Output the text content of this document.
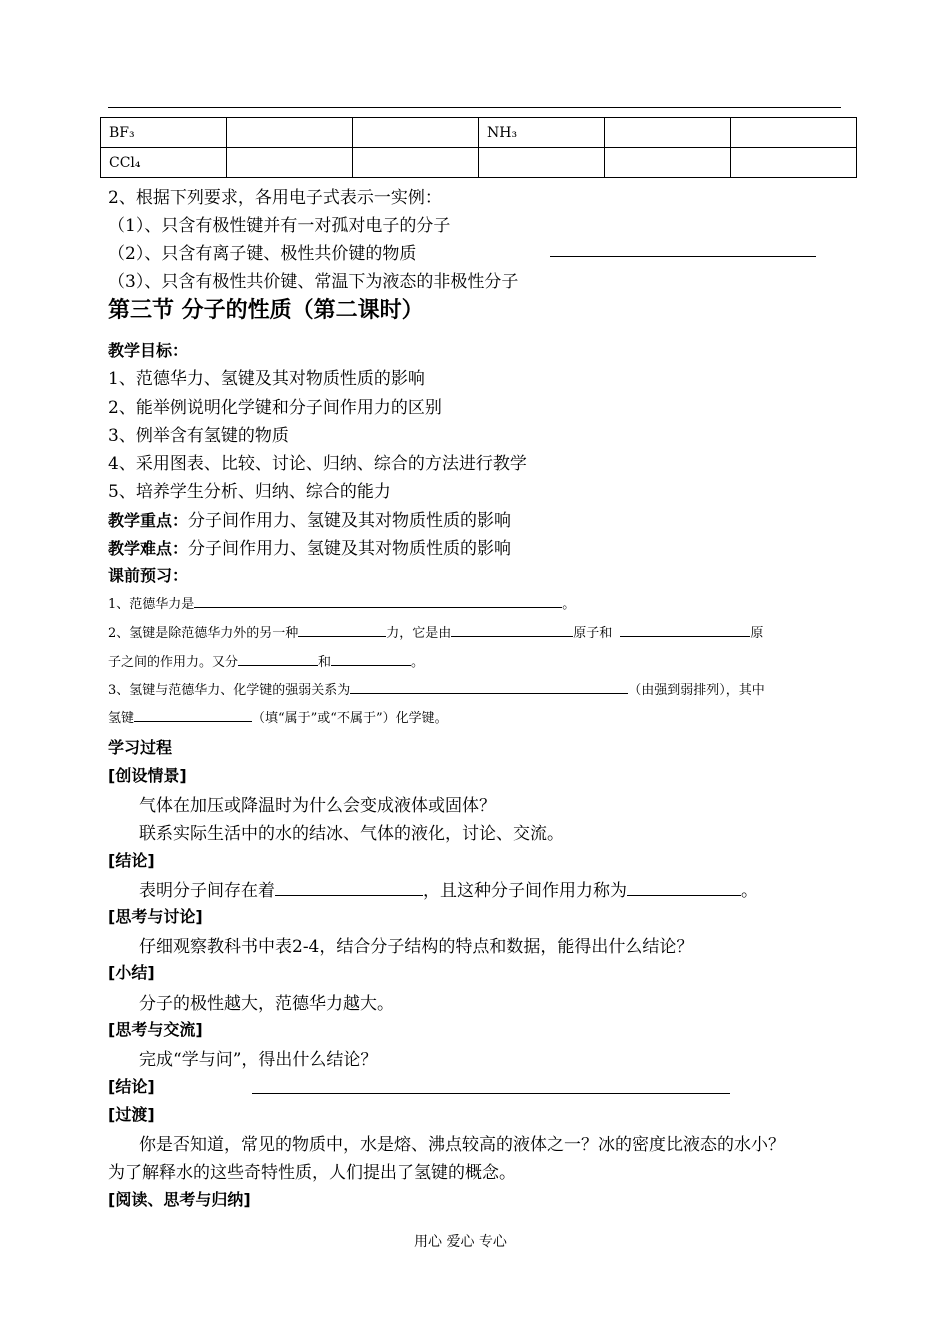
BF₃			NH₃		
CCl₄					
2、根据下列要求，各用电子式表示一实例：
（1）、只含有极性键并有一对孤对电子的分子
（2）、只含有离子键、极性共价键的物质
（3）、只含有极性共价键、常温下为液态的非极性分子
第三节 分子的性质（第二课时）
教学目标：
1、范德华力、氢键及其对物质性质的影响
2、能举例说明化学键和分子间作用力的区别
3、例举含有氢键的物质
4、采用图表、比较、讨论、归纳、综合的方法进行教学
5、培养学生分析、归纳、综合的能力
教学重点：分子间作用力、氢键及其对物质性质的影响
教学难点：分子间作用力、氢键及其对物质性质的影响
课前预习：
1、范德华力是	。
2、氢键是除范德华力外的另一种	力，它是由	原子和	原
子之间的作用力。又分	和	。
3、氢键与范德华力、化学键的强弱关系为	（由强到弱排列），其中
氢键	（填“属于”或“不属于”）化学键。
学习过程
[创设情景]
气体在加压或降温时为什么会变成液体或固体？
联系实际生活中的水的结冰、气体的液化，讨论、交流。
[结论]
表明分子间存在着	，且这种分子间作用力称为	。
[思考与讨论]
仔细观察教科书中表2-4，结合分子结构的特点和数据，能得出什么结论？
[小结]
分子的极性越大，范德华力越大。
[思考与交流]
完成“学与问”，得出什么结论？
[结论]
[过渡]
你是否知道，常见的物质中，水是熔、沸点较高的液体之一？冰的密度比液态的水小？
为了解释水的这些奇特性质，人们提出了氢键的概念。
[阅读、思考与归纳]
用心 爱心 专心
